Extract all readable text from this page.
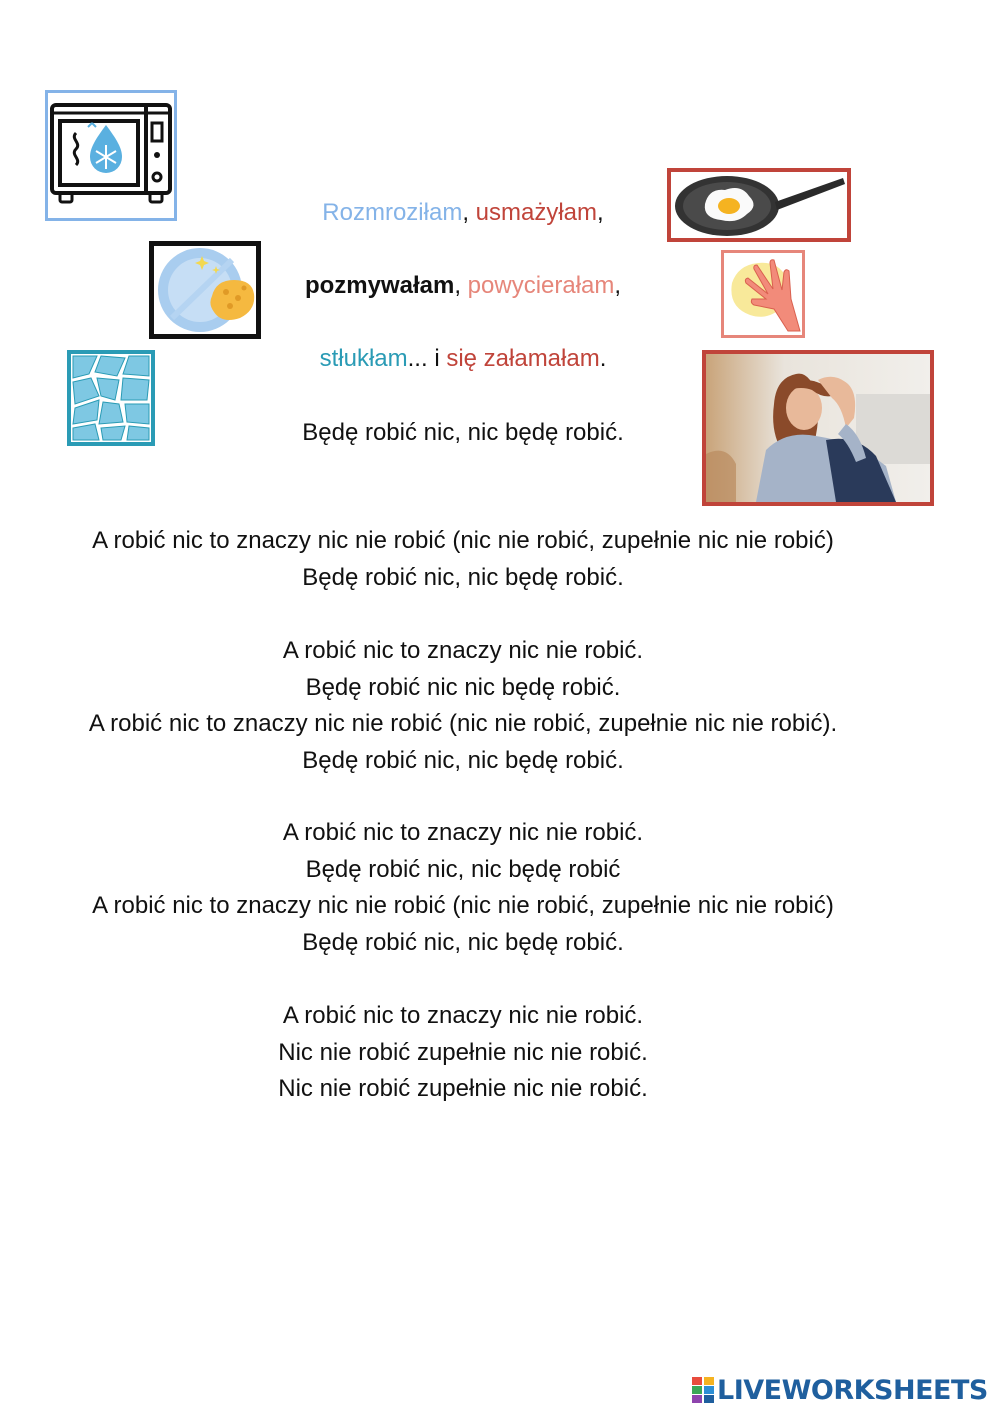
Rozmroziłam, usmażyłam,
pozmywałam, powycierałam,
stłukłam... i się załamałam.
Będę robić nic, nic będę robić.
A robić nic to znaczy nic nie robić (nic nie robić, zupełnie nic nie robić)
Będę robić nic, nic będę robić.
A robić nic to znaczy nic nie robić.
Będę robić nic nic będę robić.
A robić nic to znaczy nic nie robić (nic nie robić, zupełnie nic nie robić).
Będę robić nic, nic będę robić.
A robić nic to znaczy nic nie robić.
Będę robić nic, nic będę robić
A robić nic to znaczy nic nie robić (nic nie robić, zupełnie nic nie robić)
Będę robić nic, nic będę robić.
A robić nic to znaczy nic nie robić.
Nic nie robić zupełnie nic nie robić.
Nic nie robić zupełnie nic nie robić.
LIVEWORKSHEETS
